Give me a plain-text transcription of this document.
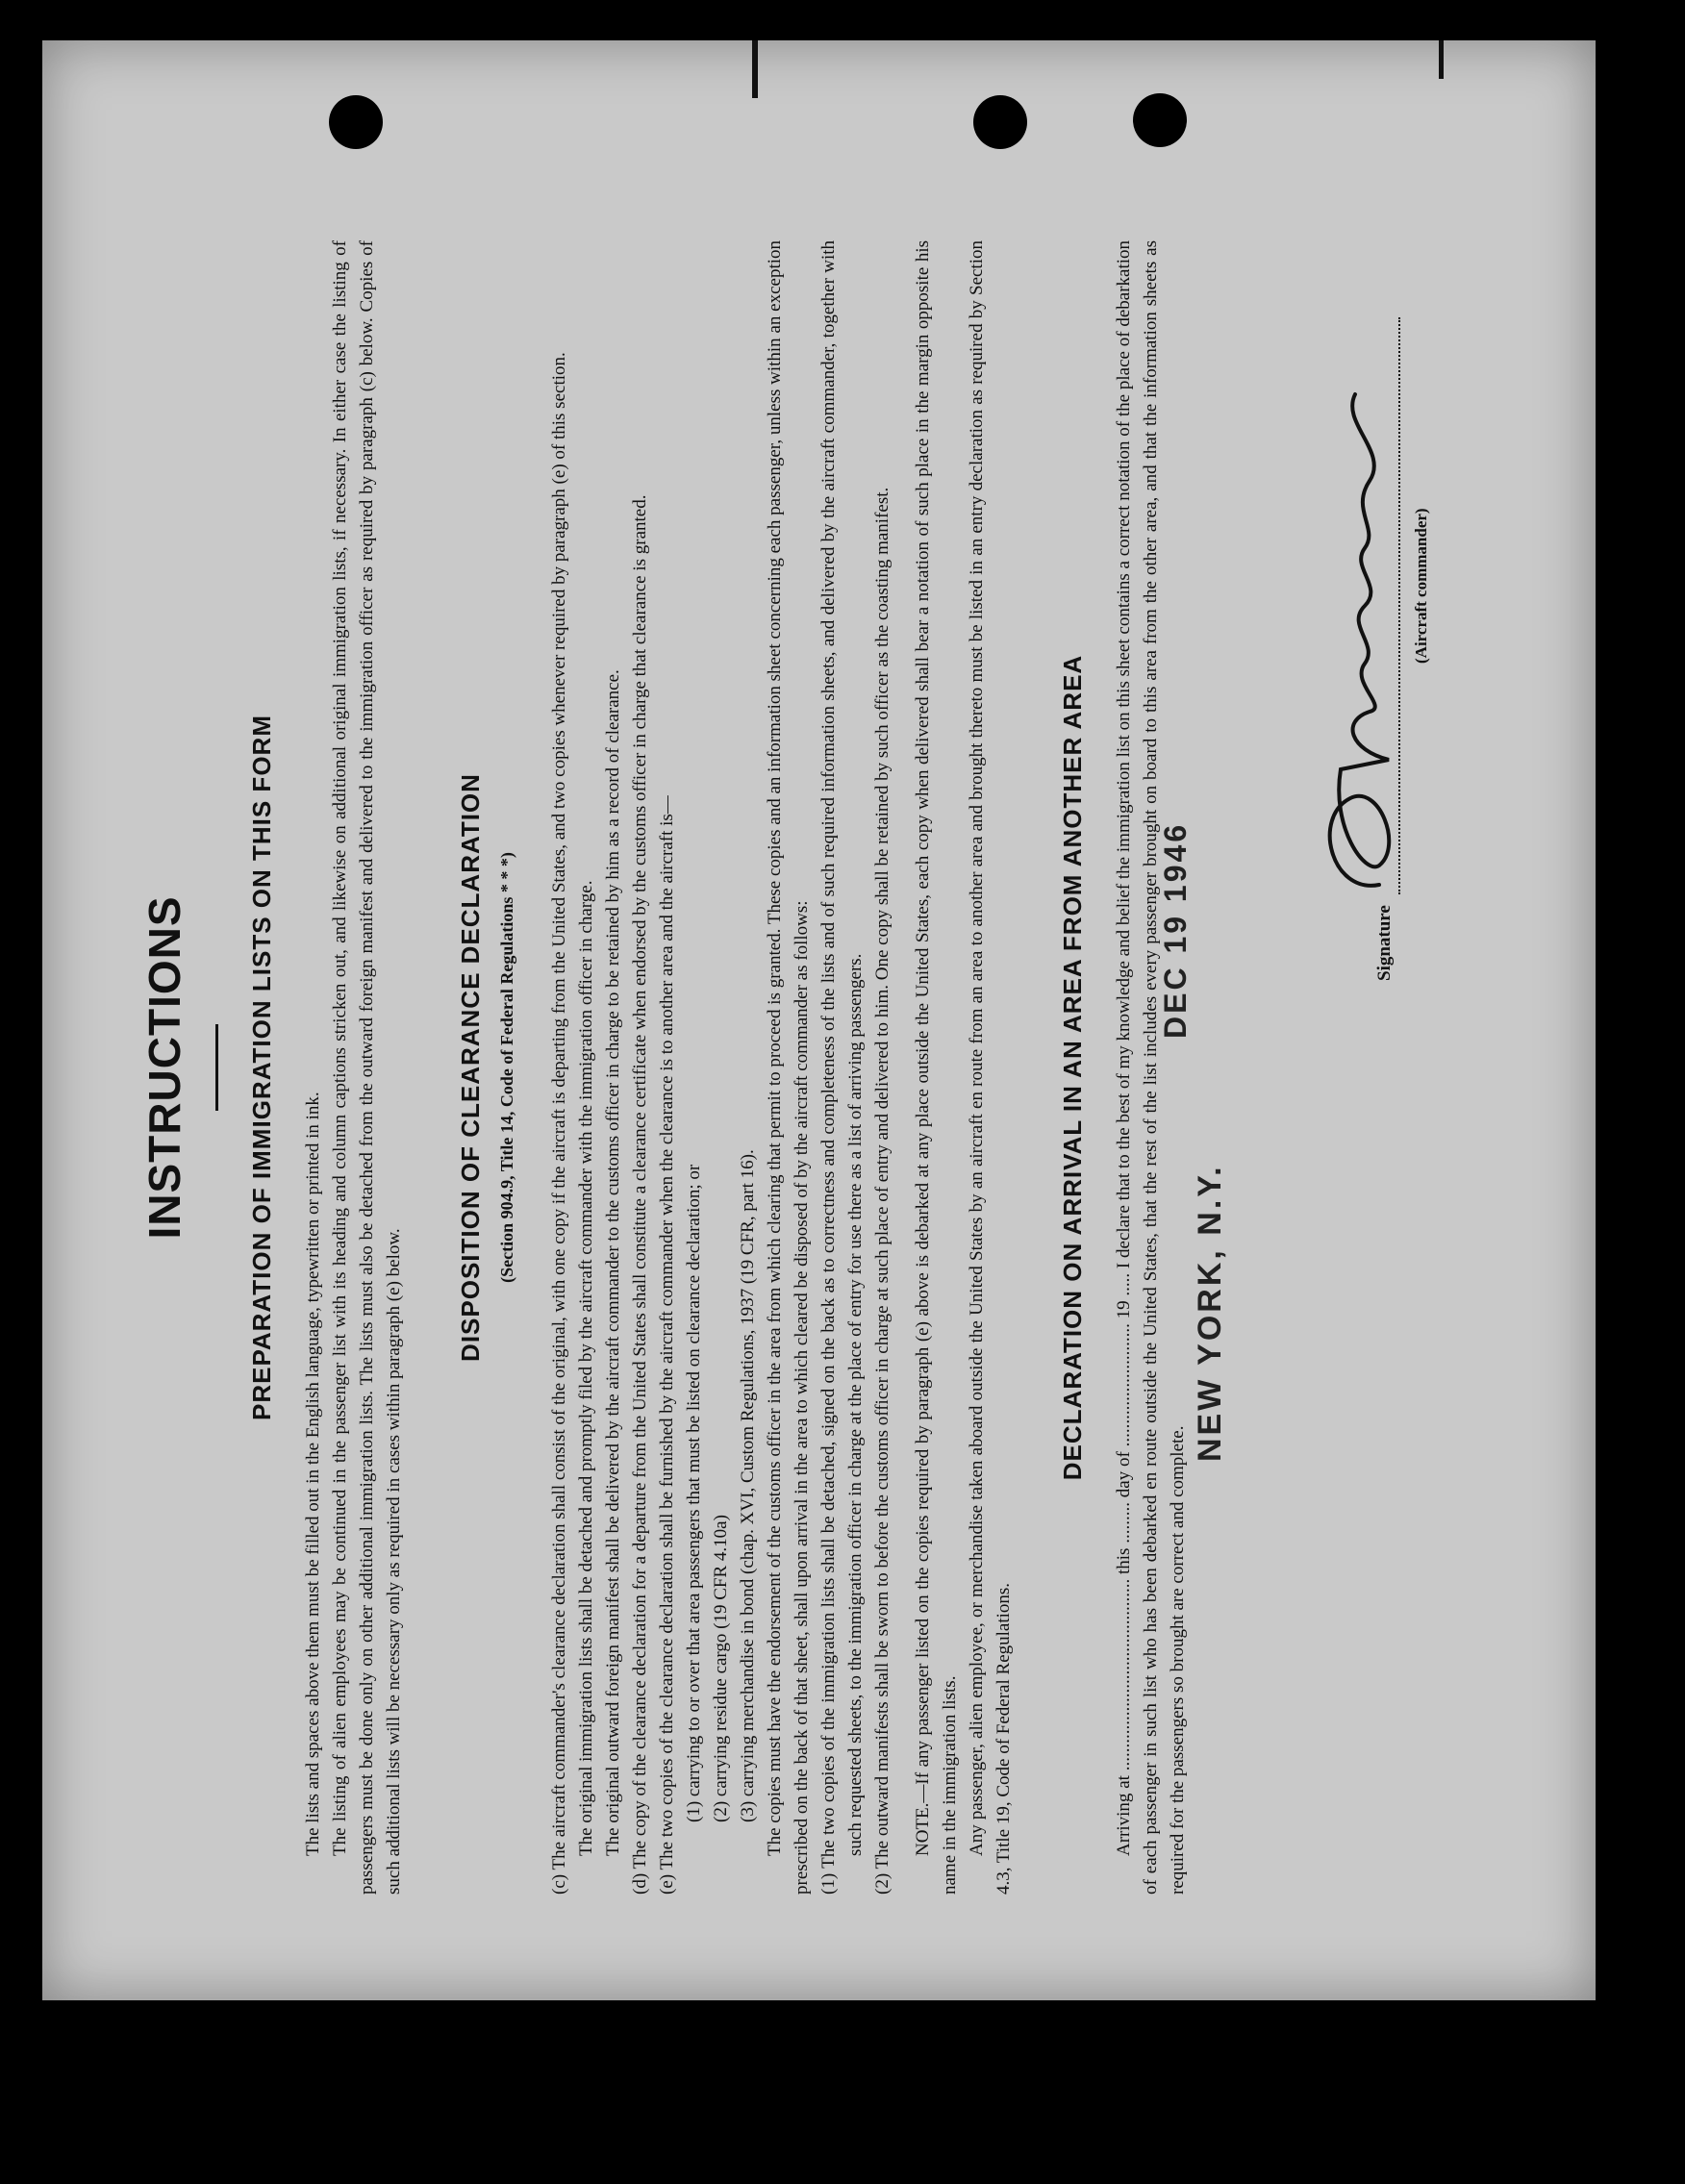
INSTRUCTIONS PREPARATION OF IMMIGRATION LISTS ON THIS FORM

The lists and spaces above them must be filled out in the English language, typewritten or printed in ink. The listing of alien employees may be continued in the passenger list with its heading and column captions stricken out, and likewise on additional original immigration lists, if necessary. In either case the listing of passengers must be done only on other additional immigration lists. The lists must also be detached from the outward foreign manifest and delivered to the immigration officer as required by paragraph (c) below. Copies of such additional lists will be necessary only as required in cases within paragraph (e) below.

DISPOSITION OF CLEARANCE DECLARATION (Section 904.9, Title 14, Code of Federal Regulations * * *) (c) The aircraft commander's clearance declaration shall consist of the original, with one copy if the aircraft is departing from the United States, and two copies whenever required by paragraph (e) of this section. The original immigration lists shall be detached and promptly filed by the aircraft commander with the immigration officer in charge. The original outward foreign manifest shall be delivered by the aircraft commander to the customs officer in charge to be retained by him as a record of clearance. (d) The copy of the clearance declaration for a departure from the United States shall constitute a clearance certificate when endorsed by the customs officer in charge that clearance is granted. (e) The two copies of the clearance declaration shall be furnished by the aircraft commander when the clearance is to another area and the aircraft is— (1) carrying to or over that area passengers that must be listed on clearance declaration; or (2) carrying residue cargo (19 CFR 4.10a) (3) carrying merchandise in bond (chap. XVI, Custom Regulations, 1937 (19 CFR, part 16). The copies must have the endorsement of the customs officer in the area from which clearing that permit to proceed is granted. These copies and an information sheet concerning each passenger, unless within an exception prescribed on the back of that sheet, shall upon arrival in the area to which cleared be disposed of by the aircraft commander as follows: (1) The two copies of the immigration lists shall be detached, signed on the back as to correctness and completeness of the lists and of such required information sheets, and delivered by the aircraft commander, together with such requested sheets, to the immigration officer in charge at the place of entry for use there as a list of arriving passengers. (2) The outward manifests shall be sworn to before the customs officer in charge at such place of entry and delivered to him. One copy shall be retained by such officer as the coasting manifest. NOTE.—If any passenger listed on the copies required by paragraph (e) above is debarked at any place outside the United States, each copy when delivered shall bear a notation of such place in the margin opposite his name in the immigration lists. Any passenger, alien employee, or merchandise taken aboard outside the United States by an aircraft en route from an area to another area and brought thereto must be listed in an entry declaration as required by Section 4.3, Title 19, Code of Federal Regulations.

DECLARATION ON ARRIVAL IN AN AREA FROM ANOTHER AREA

Arriving at .......................................... this ......... day of ........................... 19 ..... I declare that to the best of my knowledge and belief the immigration list on this sheet contains a correct notation of the place of debarkation of each passenger in such list who has been debarked en route outside the United States, that the rest of the list includes every passenger brought on board to this area from the other area, and that the information sheets as required for the passengers so brought are correct and complete.

NEW YORK, N.Y.
DEC 19 1946	Signature
(Aircraft commander)
